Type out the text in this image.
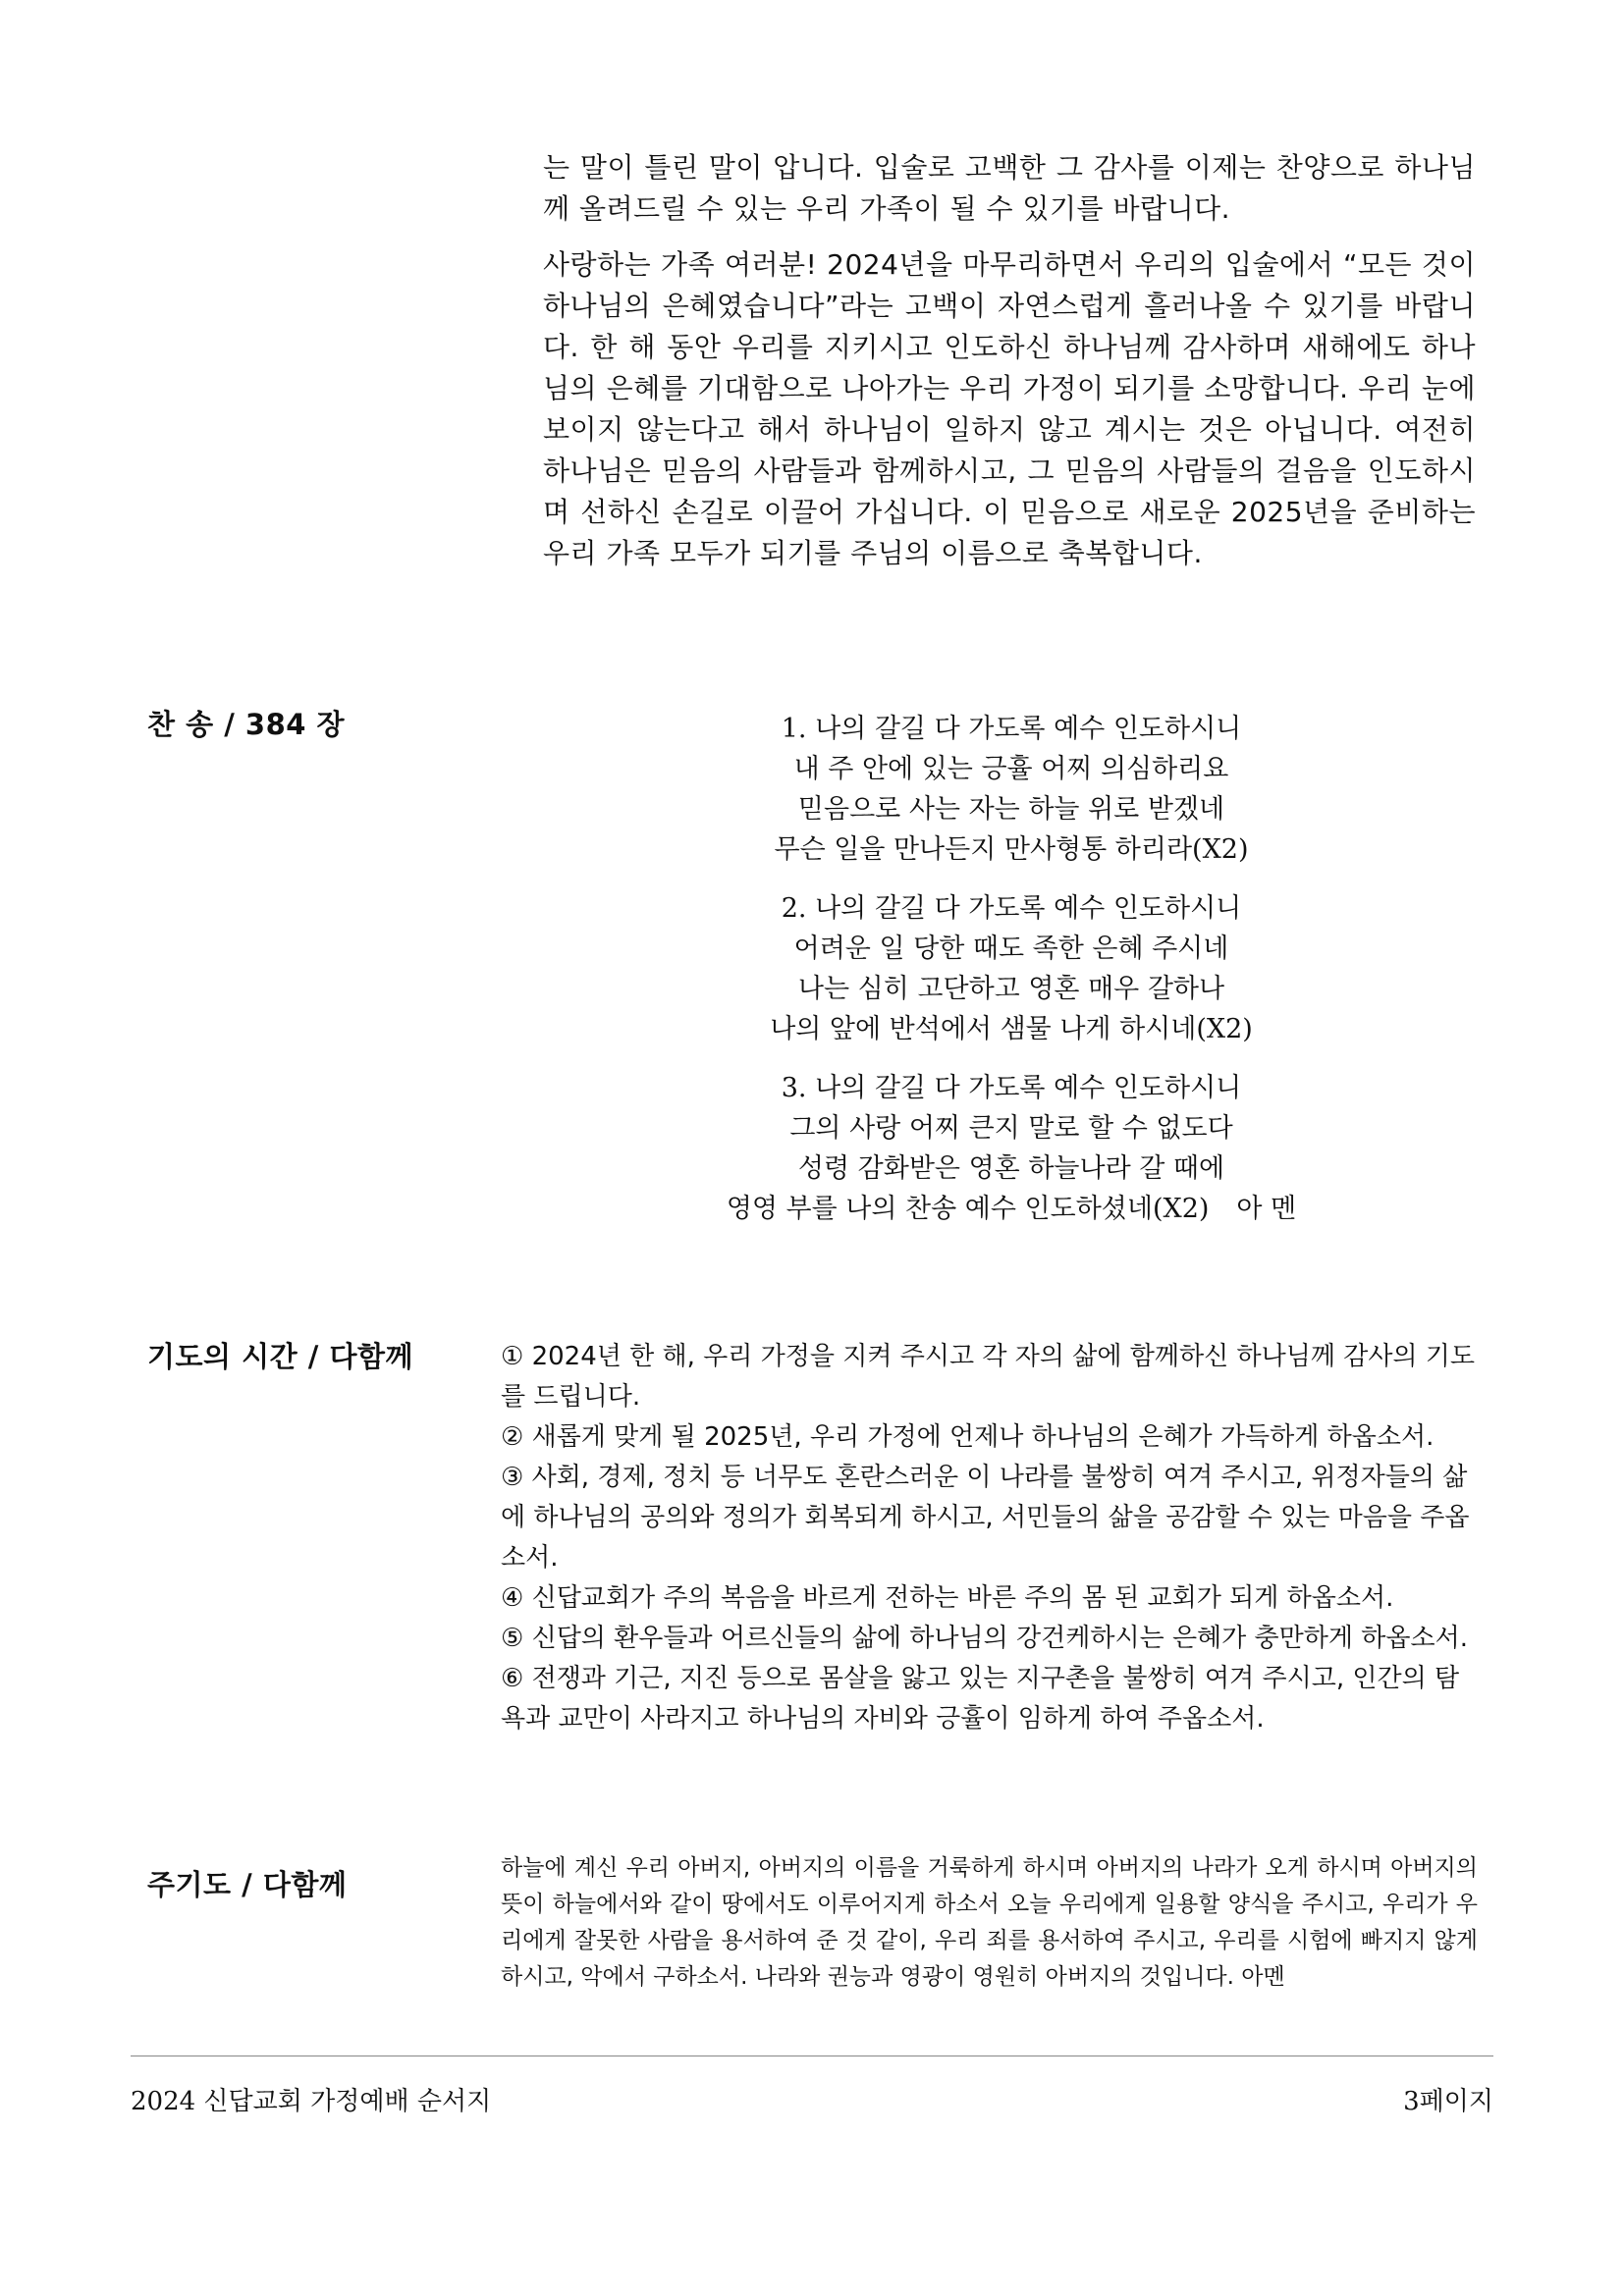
는 말이 틀린 말이 압니다. 입술로 고백한 그 감사를 이제는 찬양으로 하나님께 올려드릴 수 있는 우리 가족이 될 수 있기를 바랍니다.

사랑하는 가족 여러분! 2024년을 마무리하면서 우리의 입술에서 “모든 것이 하나님의 은혜였습니다”라는 고백이 자연스럽게 흘러나올 수 있기를 바랍니다. 한 해 동안 우리를 지키시고 인도하신 하나님께 감사하며 새해에도 하나님의 은혜를 기대함으로 나아가는 우리 가정이 되기를 소망합니다. 우리 눈에 보이지 않는다고 해서 하나님이 일하지 않고 계시는 것은 아닙니다. 여전히 하나님은 믿음의 사람들과 함께하시고, 그 믿음의 사람들의 걸음을 인도하시며 선하신 손길로 이끌어 가십니다. 이 믿음으로 새로운 2025년을 준비하는 우리 가족 모두가 되기를 주님의 이름으로 축복합니다.

찬 송 / 384 장	1. 나의 갈길 다 가도록 예수 인도하시니
내 주 안에 있는 긍휼 어찌 의심하리요
믿음으로 사는 자는 하늘 위로 받겠네
무슨 일을 만나든지 만사형통 하리라(X2)
2. 나의 갈길 다 가도록 예수 인도하시니
어려운 일 당한 때도 족한 은혜 주시네
나는 심히 고단하고 영혼 매우 갈하나
나의 앞에 반석에서 샘물 나게 하시네(X2)
3. 나의 갈길 다 가도록 예수 인도하시니
그의 사랑 어찌 큰지 말로 할 수 없도다
성령 감화받은 영혼 하늘나라 갈 때에
영영 부를 나의 찬송 예수 인도하셨네(X2) 아 멘
기도의 시간 / 다함께	① 2024년 한 해, 우리 가정을 지켜 주시고 각 자의 삶에 함께하신 하나님께 감사의 기도를 드립니다.
② 새롭게 맞게 될 2025년, 우리 가정에 언제나 하나님의 은혜가 가득하게 하옵소서.
③ 사회, 경제, 정치 등 너무도 혼란스러운 이 나라를 불쌍히 여겨 주시고, 위정자들의 삶에 하나님의 공의와 정의가 회복되게 하시고, 서민들의 삶을 공감할 수 있는 마음을 주옵소서.
④ 신답교회가 주의 복음을 바르게 전하는 바른 주의 몸 된 교회가 되게 하옵소서.
⑤ 신답의 환우들과 어르신들의 삶에 하나님의 강건케하시는 은혜가 충만하게 하옵소서.
⑥ 전쟁과 기근, 지진 등으로 몸살을 앓고 있는 지구촌을 불쌍히 여겨 주시고, 인간의 탐욕과 교만이 사라지고 하나님의 자비와 긍휼이 임하게 하여 주옵소서.
주기도 / 다함께	하늘에 계신 우리 아버지, 아버지의 이름을 거룩하게 하시며 아버지의 나라가 오게 하시며 아버지의 뜻이 하늘에서와 같이 땅에서도 이루어지게 하소서 오늘 우리에게 일용할 양식을 주시고, 우리가 우리에게 잘못한 사람을 용서하여 준 것 같이, 우리 죄를 용서하여 주시고, 우리를 시험에 빠지지 않게 하시고, 악에서 구하소서. 나라와 권능과 영광이 영원히 아버지의 것입니다. 아멘
2024 신답교회 가정예배 순서지	3페이지
